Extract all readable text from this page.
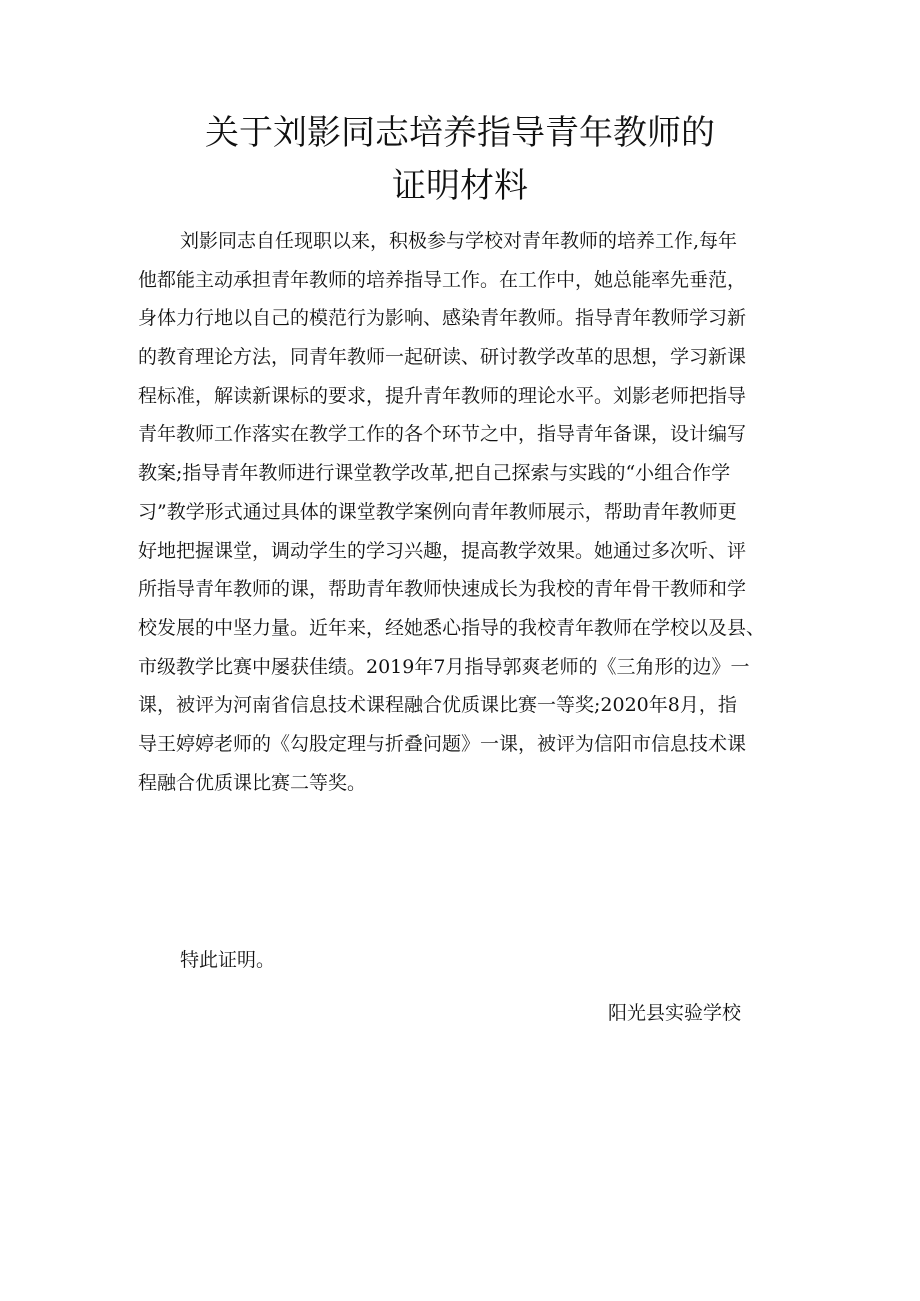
关于刘影同志培养指导青年教师的
证明材料
刘影同志自任现职以来，积极参与学校对青年教师的培养工作,每年
他都能主动承担青年教师的培养指导工作。在工作中，她总能率先垂范，
身体力行地以自己的模范行为影响、感染青年教师。指导青年教师学习新
的教育理论方法，同青年教师一起研读、研讨教学改革的思想，学习新课
程标准，解读新课标的要求，提升青年教师的理论水平。刘影老师把指导
青年教师工作落实在教学工作的各个环节之中，指导青年备课，设计编写
教案;指导青年教师进行课堂教学改革,把自己探索与实践的“小组合作学
习”教学形式通过具体的课堂教学案例向青年教师展示，帮助青年教师更
好地把握课堂，调动学生的学习兴趣，提高教学效果。她通过多次听、评
所指导青年教师的课，帮助青年教师快速成长为我校的青年骨干教师和学
校发展的中坚力量。近年来，经她悉心指导的我校青年教师在学校以及县、
市级教学比赛中屡获佳绩。2019年7月指导郭爽老师的《三角形的边》一
课，被评为河南省信息技术课程融合优质课比赛一等奖;2020年8月，指
导王婷婷老师的《勾股定理与折叠问题》一课，被评为信阳市信息技术课
程融合优质课比赛二等奖。

特此证明。

阳光县实验学校
